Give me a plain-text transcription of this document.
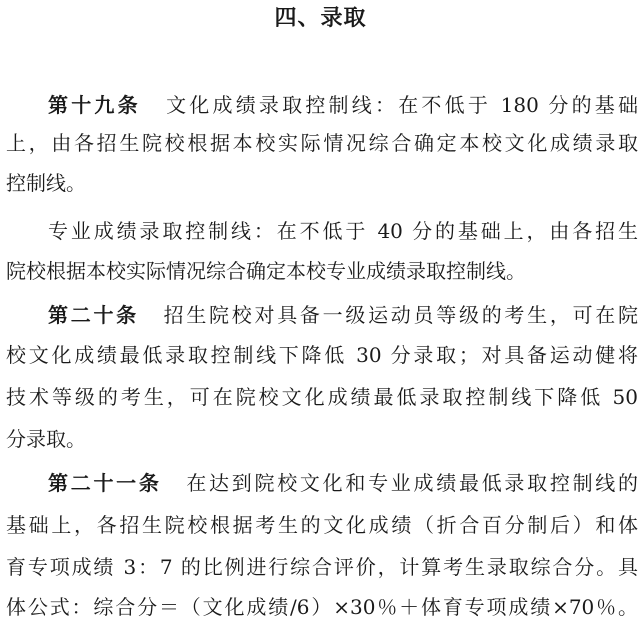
四、录取
第十九条 文化成绩录取控制线：在不低于 180 分的基础
上，由各招生院校根据本校实际情况综合确定本校文化成绩录取
控制线。
专业成绩录取控制线：在不低于 40 分的基础上，由各招生
院校根据本校实际情况综合确定本校专业成绩录取控制线。
第二十条 招生院校对具备一级运动员等级的考生，可在院
校文化成绩最低录取控制线下降低 30 分录取；对具备运动健将
技术等级的考生，可在院校文化成绩最低录取控制线下降低 50
分录取。
第二十一条 在达到院校文化和专业成绩最低录取控制线的
基础上，各招生院校根据考生的文化成绩（折合百分制后）和体
育专项成绩 3：7 的比例进行综合评价，计算考生录取综合分。具
体公式：综合分＝（文化成绩/6）×30％＋体育专项成绩×70％。
